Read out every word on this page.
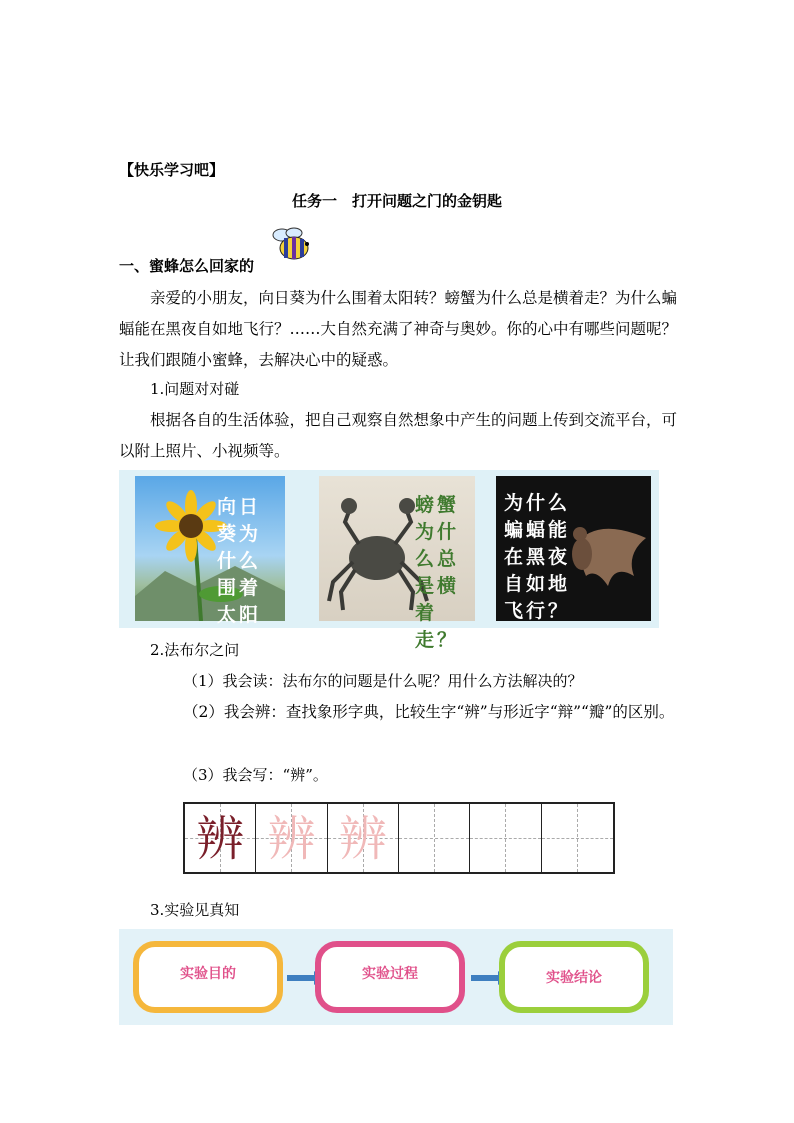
【快乐学习吧】
任务一　打开问题之门的金钥匙
一、蜜蜂怎么回家的
亲爱的小朋友，向日葵为什么围着太阳转？螃蟹为什么总是横着走？为什么蝙蝠能在黑夜自如地飞行？……大自然充满了神奇与奥妙。你的心中有哪些问题呢？让我们跟随小蜜蜂，去解决心中的疑惑。
1.问题对对碰
根据各自的生活体验，把自己观察自然想象中产生的问题上传到交流平台，可以附上照片、小视频等。
向日葵为什么围着太阳转？
螃蟹为什么总是横着走？
为什么蝙蝠能在黑夜自如地飞行？
2.法布尔之问
（1）我会读：法布尔的问题是什么呢？用什么方法解决的？
（2）我会辨：查找象形字典，比较生字“辨”与形近字“辩”“瓣”的区别。
（3）我会写：“辨”。
辨 辨 辨
3.实验见真知
实验目的	实验过程	实验结论
